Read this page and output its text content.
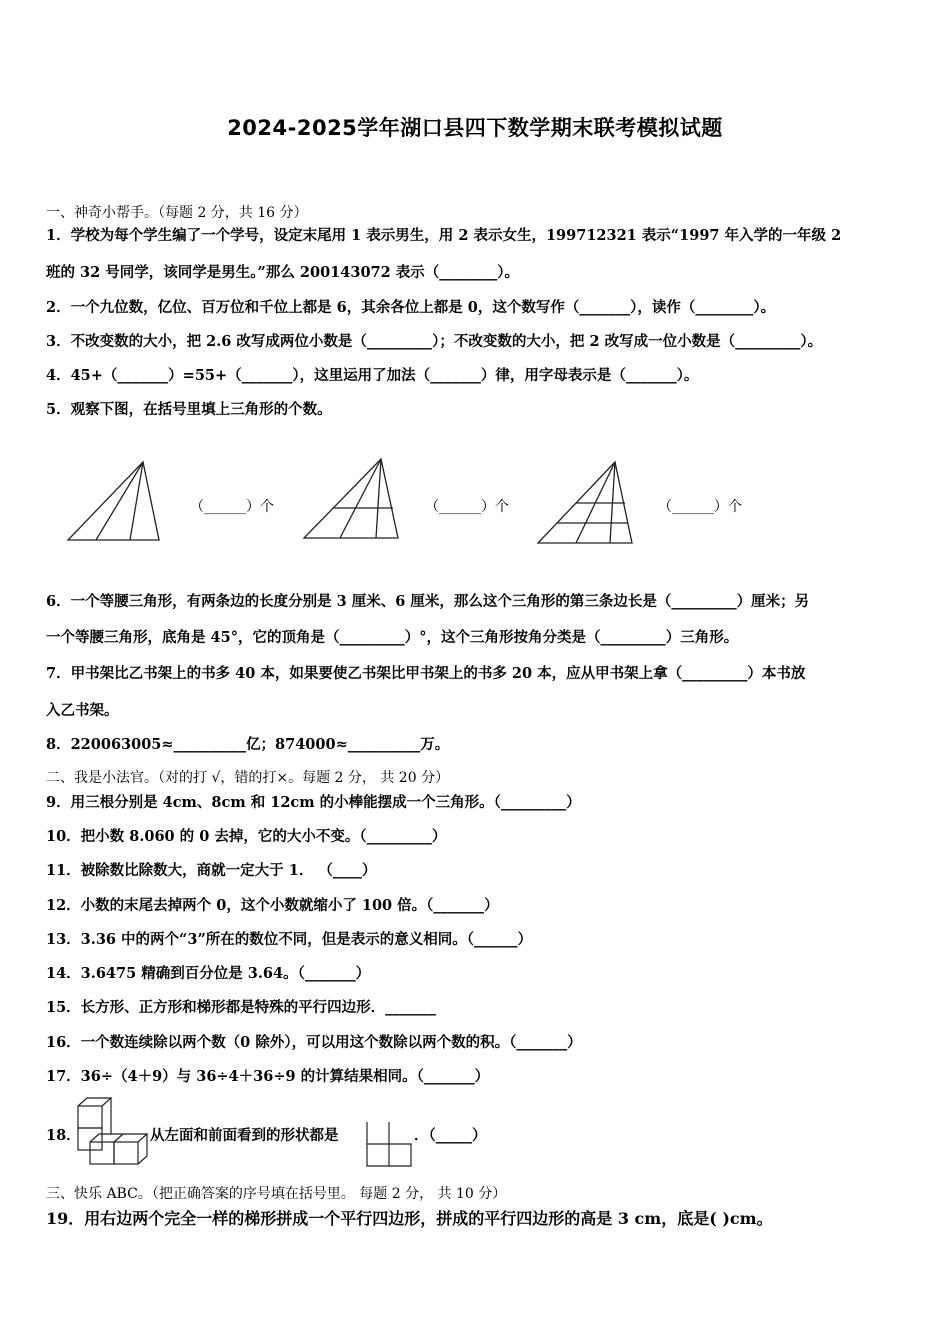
2024-2025学年湖口县四下数学期末联考模拟试题
一、神奇小帮手。（每题 2 分，共 16 分）
1．学校为每个学生编了一个学号，设定末尾用 1 表示男生，用 2 表示女生，199712321 表示“1997 年入学的一年级 2
班的 32 号同学，该同学是男生。”那么 200143072 表示（________）。
2．一个九位数，亿位、百万位和千位上都是 6，其余各位上都是 0，这个数写作（_______），读作（________）。
3．不改变数的大小，把 2.6 改写成两位小数是（_________）；不改变数的大小，把 2 改写成一位小数是（_________）。
4．45+（_______）=55+（_______），这里运用了加法（_______）律，用字母表示是（_______）。
5．观察下图，在括号里填上三角形的个数。
（______）个	（______）个	（______）个
6．一个等腰三角形，有两条边的长度分别是 3 厘米、6 厘米，那么这个三角形的第三条边长是（_________）厘米；另
一个等腰三角形，底角是 45°，它的顶角是（_________）°，这个三角形按角分类是（_________）三角形。
7．甲书架比乙书架上的书多 40 本，如果要使乙书架比甲书架上的书多 20 本，应从甲书架上拿（_________）本书放
入乙书架。
8．220063005≈__________亿；874000≈__________万。
二、我是小法官。（对的打 √，错的打×。每题 2 分， 共 20 分）
9．用三根分别是 4cm、8cm 和 12cm 的小棒能摆成一个三角形。（_________）
10．把小数 8.060 的 0 去掉，它的大小不变。（_________）
11．被除数比除数大，商就一定大于 1． （____）
12．小数的末尾去掉两个 0，这个小数就缩小了 100 倍。（_______）
13．3.36 中的两个“3”所在的数位不同，但是表示的意义相同。（______）
14．3.6475 精确到百分位是 3.64。（_______）
15．长方形、正方形和梯形都是特殊的平行四边形．_______
16．一个数连续除以两个数（0 除外），可以用这个数除以两个数的积。（_______）
17．36÷（4＋9）与 36÷4＋36÷9 的计算结果相同。（_______）
18．	从左面和前面看到的形状都是	．（_____）
三、快乐 ABC。（把正确答案的序号填在括号里。 每题 2 分， 共 10 分）
19．用右边两个完全一样的梯形拼成一个平行四边形，拼成的平行四边形的高是 3 cm，底是( )cm。
